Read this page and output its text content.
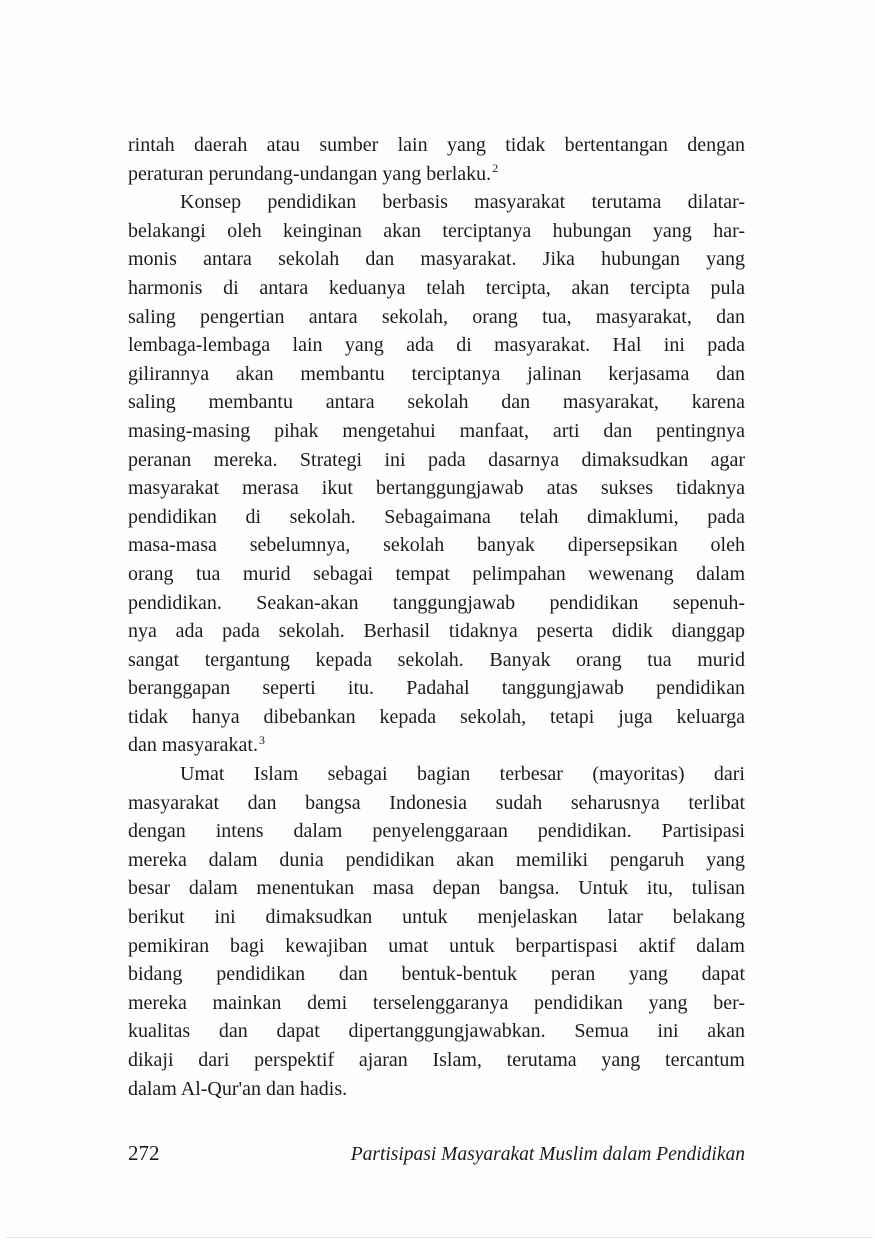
rintah daerah atau sumber lain yang tidak bertentangan dengan
peraturan perundang-undangan yang berlaku.$^2$
Konsep pendidikan berbasis masyarakat terutama dilatar-
belakangi oleh keinginan akan terciptanya hubungan yang har-
monis antara sekolah dan masyarakat. Jika hubungan yang
harmonis di antara keduanya telah tercipta, akan tercipta pula
saling pengertian antara sekolah, orang tua, masyarakat, dan
lembaga-lembaga lain yang ada di masyarakat. Hal ini pada
gilirannya akan membantu terciptanya jalinan kerjasama dan
saling membantu antara sekolah dan masyarakat, karena
masing-masing pihak mengetahui manfaat, arti dan pentingnya
peranan mereka. Strategi ini pada dasarnya dimaksudkan agar
masyarakat merasa ikut bertanggungjawab atas sukses tidaknya
pendidikan di sekolah. Sebagaimana telah dimaklumi, pada
masa-masa sebelumnya, sekolah banyak dipersepsikan oleh
orang tua murid sebagai tempat pelimpahan wewenang dalam
pendidikan. Seakan-akan tanggungjawab pendidikan sepenuh-
nya ada pada sekolah. Berhasil tidaknya peserta didik dianggap
sangat tergantung kepada sekolah. Banyak orang tua murid
beranggapan seperti itu. Padahal tanggungjawab pendidikan
tidak hanya dibebankan kepada sekolah, tetapi juga keluarga
dan masyarakat.$^3$
Umat Islam sebagai bagian terbesar (mayoritas) dari
masyarakat dan bangsa Indonesia sudah seharusnya terlibat
dengan intens dalam penyelenggaraan pendidikan. Partisipasi
mereka dalam dunia pendidikan akan memiliki pengaruh yang
besar dalam menentukan masa depan bangsa. Untuk itu, tulisan
berikut ini dimaksudkan untuk menjelaskan latar belakang
pemikiran bagi kewajiban umat untuk berpartispasi aktif dalam
bidang pendidikan dan bentuk-bentuk peran yang dapat
mereka mainkan demi terselenggaranya pendidikan yang ber-
kualitas dan dapat dipertanggungjawabkan. Semua ini akan
dikaji dari perspektif ajaran Islam, terutama yang tercantum
dalam Al-Qur'an dan hadis.
272	Partisipasi Masyarakat Muslim dalam Pendidikan
